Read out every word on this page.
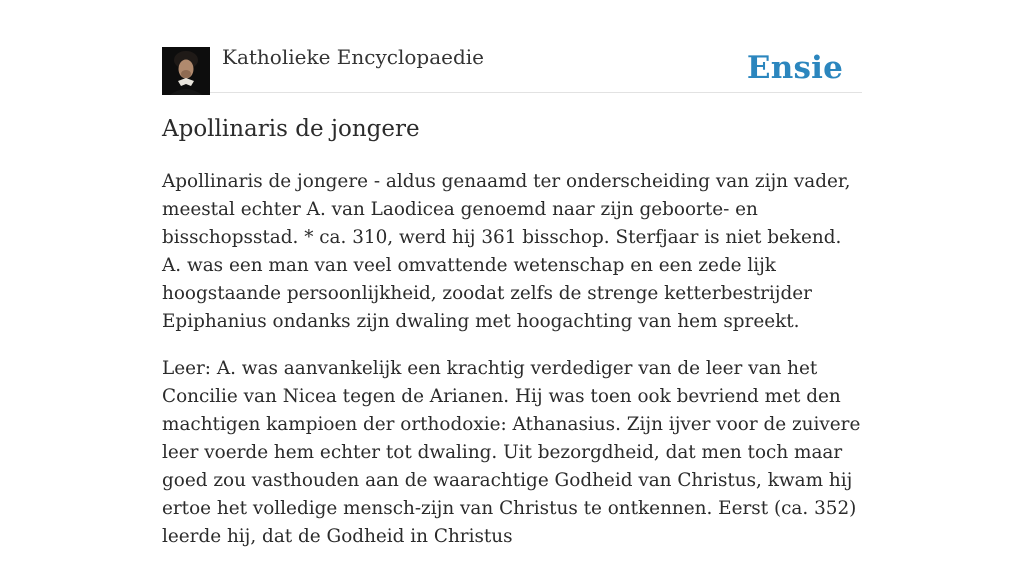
Katholieke Encyclopaedie	Ensie
Apollinaris de jongere

Apollinaris de jongere - aldus genaamd ter onderscheiding van zijn vader, meestal echter A. van Laodicea genoemd naar zijn geboorte- en bisschopsstad. * ca. 310, werd hij 361 bisschop. Sterfjaar is niet bekend. A. was een man van veel omvattende wetenschap en een zede lijk hoogstaande persoonlijkheid, zoodat zelfs de strenge ketterbestrijder Epiphanius ondanks zijn dwaling met hoogachting van hem spreekt.

Leer: A. was aanvankelijk een krachtig verdediger van de leer van het Concilie van Nicea tegen de Arianen. Hij was toen ook bevriend met den machtigen kampioen der orthodoxie: Athanasius. Zijn ijver voor de zuivere leer voerde hem echter tot dwaling. Uit bezorgdheid, dat men toch maar goed zou vasthouden aan de waarachtige Godheid van Christus, kwam hij ertoe het volledige mensch-zijn van Christus te ontkennen. Eerst (ca. 352) leerde hij, dat de Godheid in Christus
